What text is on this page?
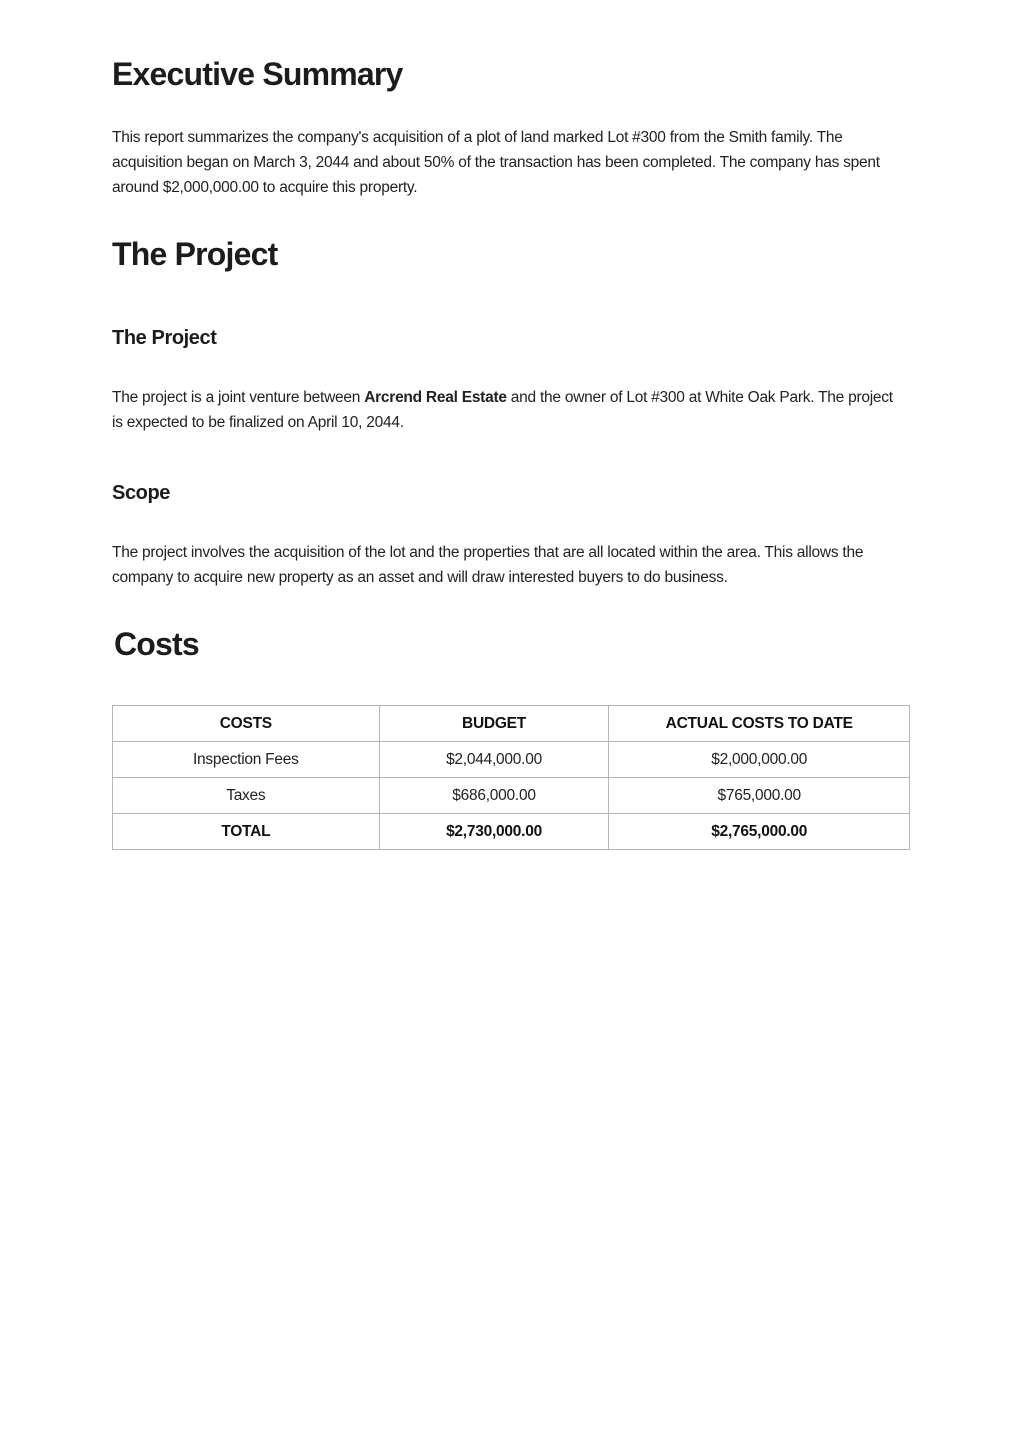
Executive Summary

This report summarizes the company's acquisition of a plot of land marked Lot #300 from the Smith family. The acquisition began on March 3, 2044 and about 50% of the transaction has been completed. The company has spent around $2,000,000.00 to acquire this property.

The Project
The Project

The project is a joint venture between Arcrend Real Estate and the owner of Lot #300 at White Oak Park. The project is expected to be finalized on April 10, 2044.

Scope

The project involves the acquisition of the lot and the properties that are all located within the area. This allows the company to acquire new property as an asset and will draw interested buyers to do business.

Costs
COSTS	BUDGET	ACTUAL COSTS TO DATE
Inspection Fees	$2,044,000.00	$2,000,000.00
Taxes	$686,000.00	$765,000.00
TOTAL	$2,730,000.00	$2,765,000.00
